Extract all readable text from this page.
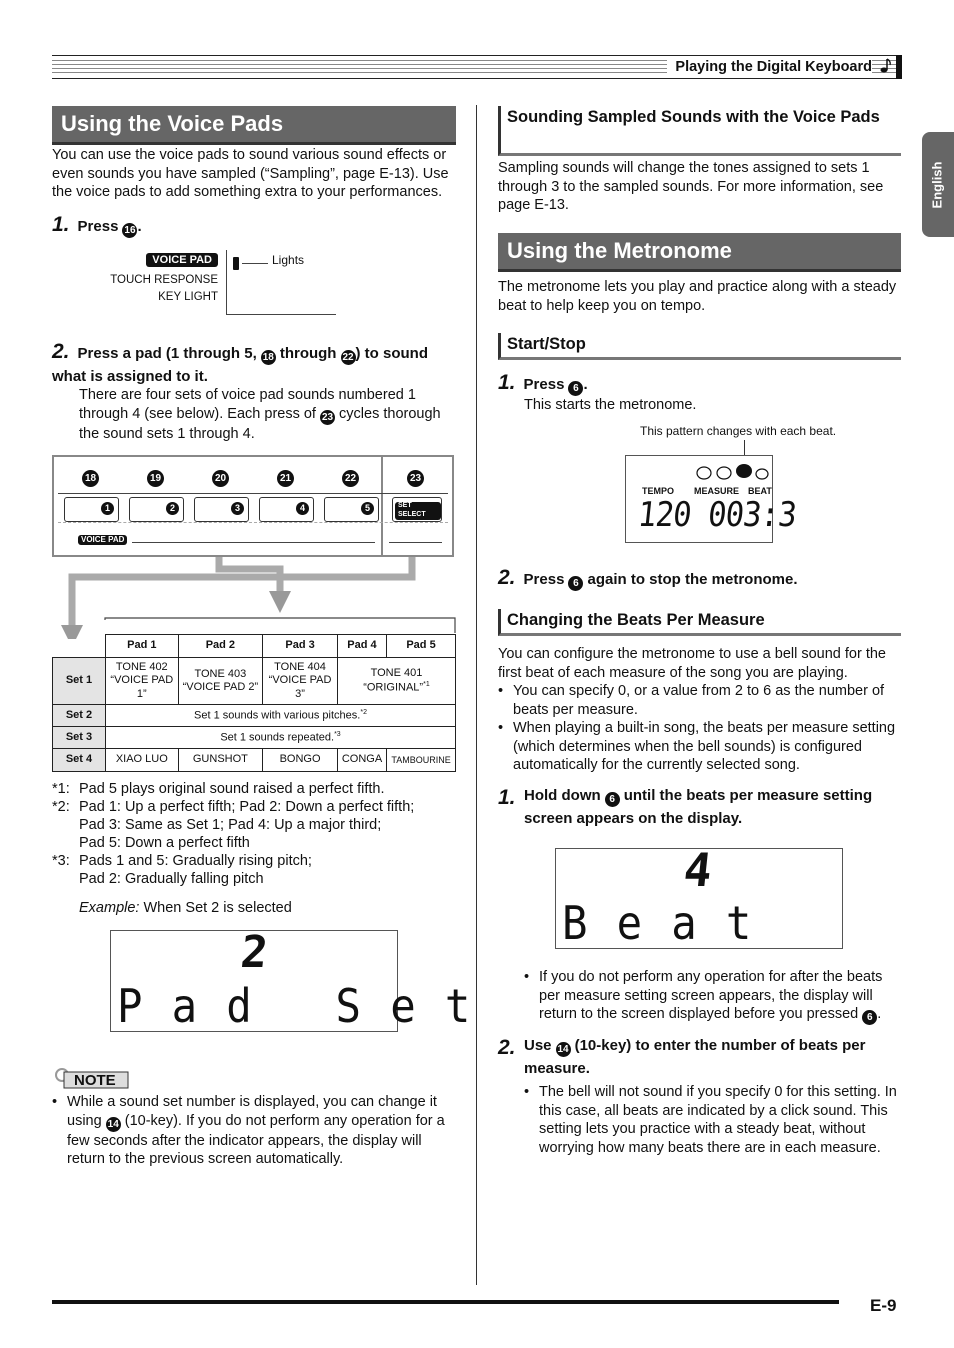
Playing the Digital Keyboard
English
Using the Voice Pads
You can use the voice pads to sound various sound effects or even sounds you have sampled (“Sampling”, page E-13). Use the voice pads to add something extra to your performances.
1. Press 16 .
VOICE PAD
TOUCH RESPONSE
KEY LIGHT
Lights
2. Press a pad (1 through 5, 18 through 22 ) to sound what is assigned to it.
There are four sets of voice pad sounds numbered 1 through 4 (see below). Each press of 23 cycles thorough the sound sets 1 through 4.
18	19	20	21	22	23
1	2	3	4	5	SET SELECT
VOICE PAD
	Pad 1	Pad 2	Pad 3	Pad 4	Pad 5
Set 1	TONE 402 “VOICE PAD 1”	TONE 403 “VOICE PAD 2”	TONE 404 “VOICE PAD 3”	TONE 401 “ORIGINAL”$^{*1}$
Set 2	Set 1 sounds with various pitches.$^{*2}$
Set 3	Set 1 sounds repeated.$^{*3}$
Set 4	XIAO LUO	GUNSHOT	BONGO	CONGA	TAMBOURINE
*1: Pad 5 plays original sound raised a perfect fifth.
*2: Pad 1: Up a perfect fifth; Pad 2: Down a perfect fifth;
Pad 3: Same as Set 1; Pad 4: Up a major third;
Pad 5: Down a perfect fifth
*3: Pads 1 and 5: Gradually rising pitch;
Pad 2: Gradually falling pitch
Example: When Set 2 is selected
2
P a d   S e t
NOTE
• While a sound set number is displayed, you can change it using 14 (10-key). If you do not perform any operation for a few seconds after the indicator appears, the display will return to the previous screen automatically.
Sounding Sampled Sounds with the Voice Pads
Sampling sounds will change the tones assigned to sets 1 through 3 to the sampled sounds. For more information, see page E-13.
Using the Metronome
The metronome lets you play and practice along with a steady beat to help keep you on tempo.
Start/Stop
1. Press 6 .
This starts the metronome.
This pattern changes with each beat.
TEMPO MEASURE BEAT
120 003:3
2. Press 6 again to stop the metronome.
Changing the Beats Per Measure
You can configure the metronome to use a bell sound for the first beat of each measure of the song you are playing.
• You can specify 0, or a value from 2 to 6 as the number of beats per measure.
• When playing a built-in song, the beats per measure setting (which determines when the bell sounds) is configured automatically for the currently selected song.
1. Hold down 6 until the beats per measure setting screen appears on the display.
4
B e a t
• If you do not perform any operation for after the beats per measure setting screen appears, the display will return to the screen displayed before you pressed 6 .
2. Use 14 (10-key) to enter the number of beats per measure.
• The bell will not sound if you specify 0 for this setting. In this case, all beats are indicated by a click sound. This setting lets you practice with a steady beat, without worrying how many beats there are in each measure.
E-9
